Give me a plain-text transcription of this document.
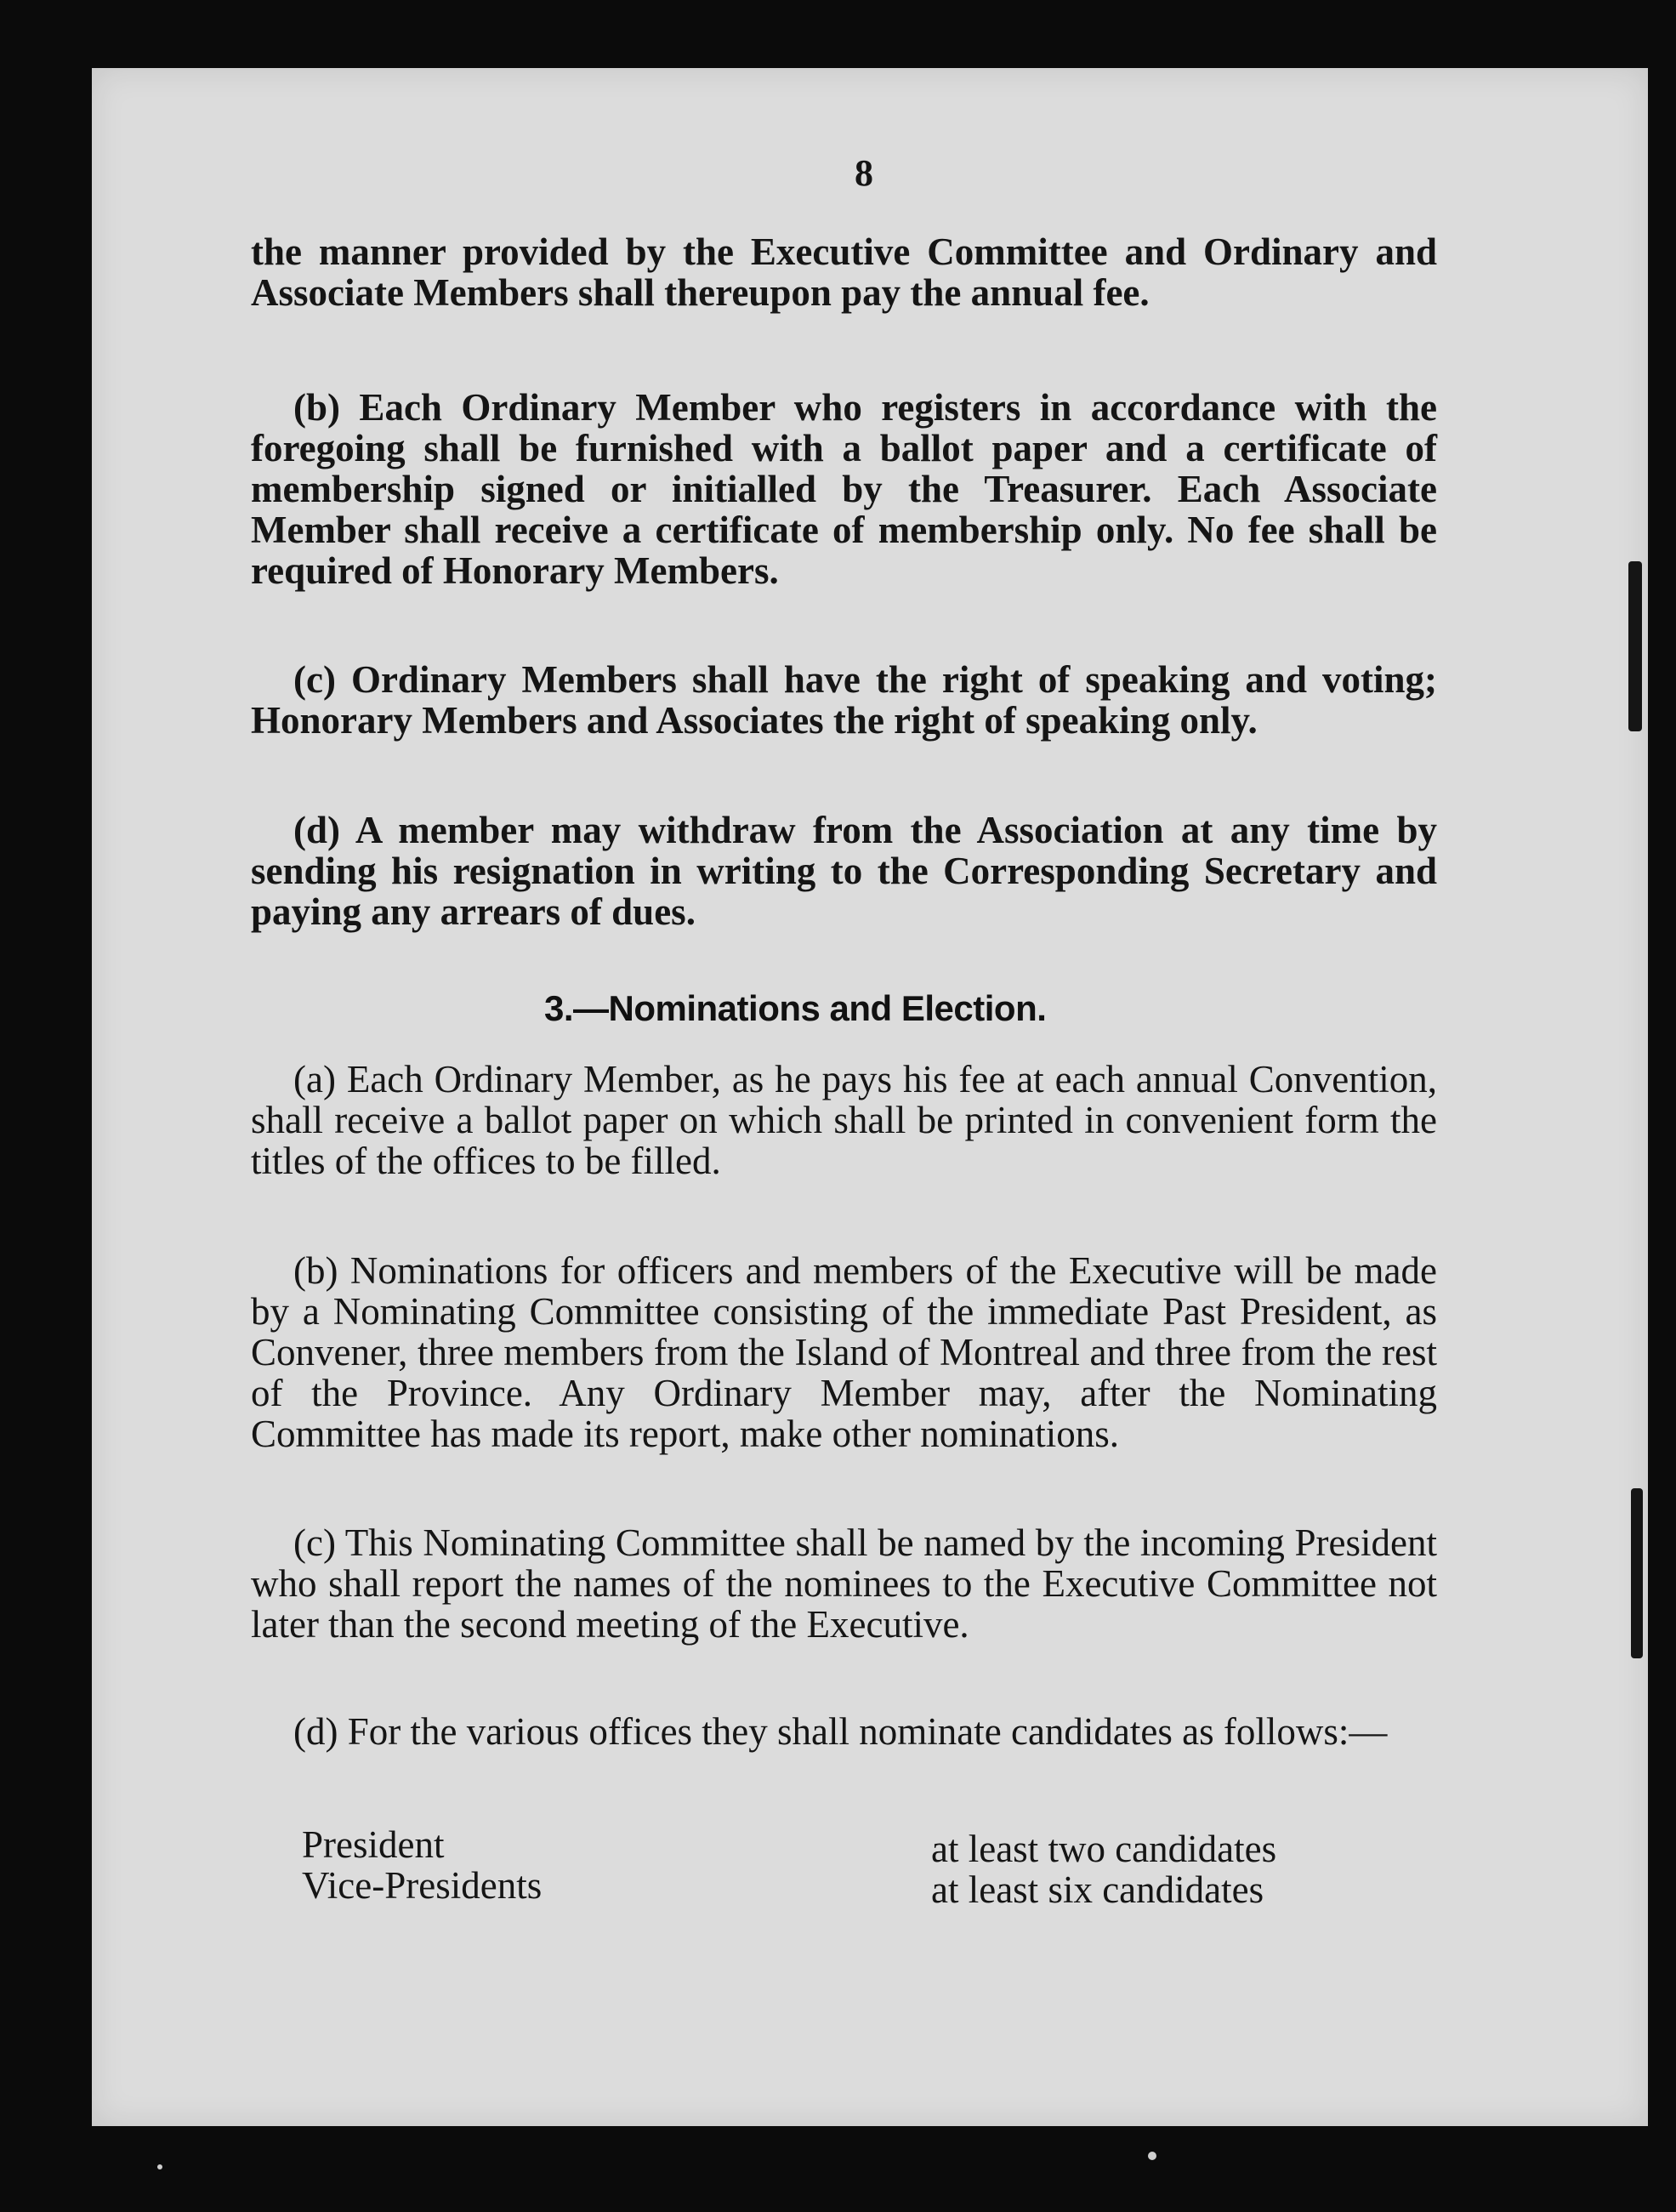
8
the manner provided by the Executive Committee and Ordinary and Associate Members shall thereupon pay the annual fee.
(b) Each Ordinary Member who registers in accordance with the foregoing shall be furnished with a ballot paper and a certificate of membership signed or initialled by the Treasurer. Each Associate Member shall receive a certificate of membership only. No fee shall be required of Honorary Members.
(c) Ordinary Members shall have the right of speaking and voting; Honorary Members and Associates the right of speaking only.
(d) A member may withdraw from the Association at any time by sending his resignation in writing to the Corresponding Secretary and paying any arrears of dues.
3.—Nominations and Election.
(a) Each Ordinary Member, as he pays his fee at each annual Convention, shall receive a ballot paper on which shall be printed in convenient form the titles of the offices to be filled.
(b) Nominations for officers and members of the Executive will be made by a Nominating Committee consisting of the immediate Past President, as Convener, three members from the Island of Montreal and three from the rest of the Province. Any Ordinary Member may, after the Nominating Committee has made its report, make other nominations.
(c) This Nominating Committee shall be named by the incoming President who shall report the names of the nominees to the Executive Committee not later than the second meeting of the Executive.
(d) For the various offices they shall nominate candidates as follows:—
President	at least two candidates
Vice-Presidents	at least six candidates
